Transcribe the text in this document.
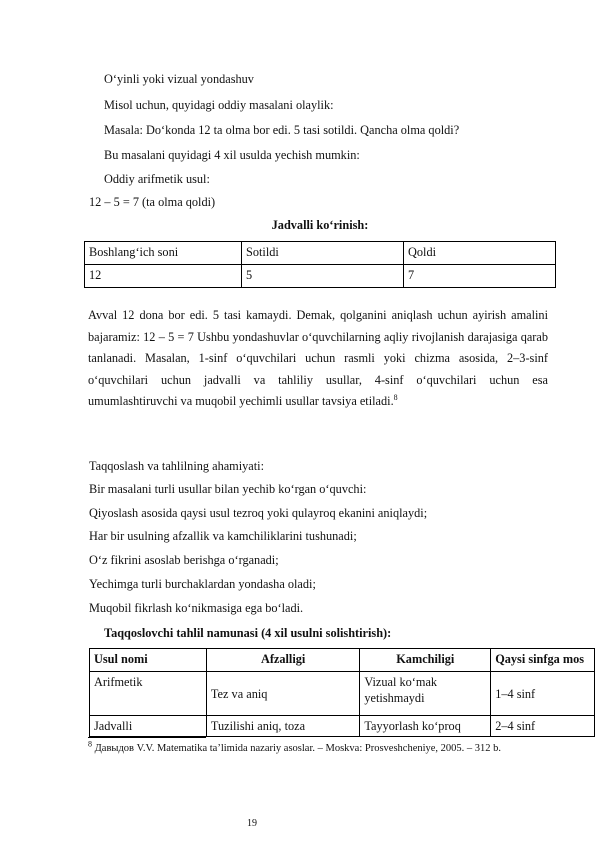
O‘yinli yoki vizual yondashuv
Misol uchun, quyidagi oddiy masalani olaylik:
Masala: Do‘konda 12 ta olma bor edi. 5 tasi sotildi. Qancha olma qoldi?
Bu masalani quyidagi 4 xil usulda yechish mumkin:
Oddiy arifmetik usul:
12 – 5 = 7 (ta olma qoldi)
Jadvalli ko‘rinish:
Boshlang‘ich soni	Sotildi	Qoldi
12	5	7
Avval 12 dona bor edi. 5 tasi kamaydi. Demak, qolganini aniqlash uchun ayirish amalini bajaramiz: 12 – 5 = 7 Ushbu yondashuvlar o‘quvchilarning aqliy rivojlanish darajasiga qarab tanlanadi. Masalan, 1-sinf o‘quvchilari uchun rasmli yoki chizma asosida, 2–3-sinf o‘quvchilari uchun jadvalli va tahliliy usullar, 4-sinf o‘quvchilari uchun esa umumlashtiruvchi va muqobil yechimli usullar tavsiya etiladi.$^8$
Taqqoslash va tahlilning ahamiyati:
Bir masalani turli usullar bilan yechib ko‘rgan o‘quvchi:
Qiyoslash asosida qaysi usul tezroq yoki qulayroq ekanini aniqlaydi;
Har bir usulning afzallik va kamchiliklarini tushunadi;
O‘z fikrini asoslab berishga o‘rganadi;
Yechimga turli burchaklardan yondasha oladi;
Muqobil fikrlash ko‘nikmasiga ega bo‘ladi.
Taqqoslovchi tahlil namunasi (4 xil usulni solishtirish):
Usul nomi	Afzalligi	Kamchiligi	Qaysi sinfga mos
Arifmetik	Tez va aniq	Vizual ko‘mak yetishmaydi	1–4 sinf
Jadvalli	Tuzilishi aniq, toza	Tayyorlash ko‘proq	2–4 sinf
$^8$ Давыдов V.V. Matematika ta’limida nazariy asoslar. – Moskva: Prosveshcheniye, 2005. – 312 b.
19
